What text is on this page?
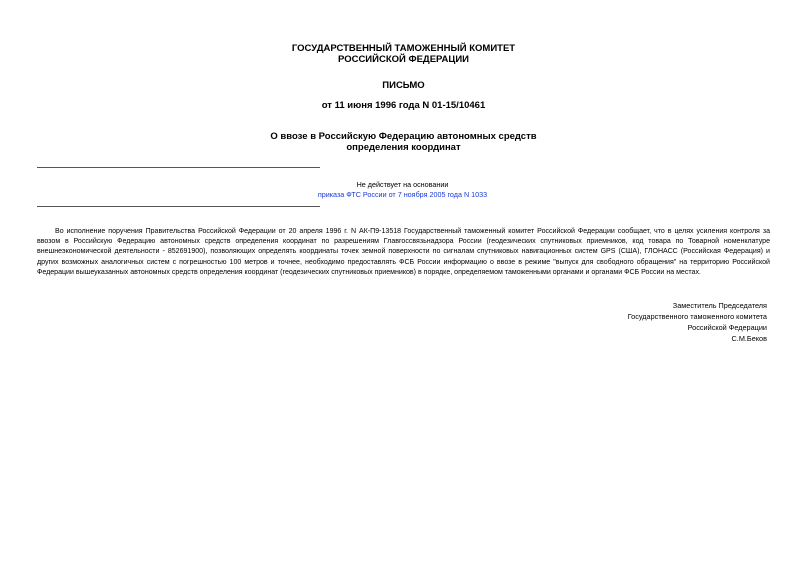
ГОСУДАРСТВЕННЫЙ ТАМОЖЕННЫЙ КОМИТЕТ
РОССИЙСКОЙ ФЕДЕРАЦИИ
ПИСЬМО
от 11 июня 1996 года N 01-15/10461
О ввозе в Российскую Федерацию автономных средств
определения координат
Не действует на основании
приказа ФТС России от 7 ноября 2005 года N 1033

Во исполнение поручения Правительства Российской Федерации от 20 апреля 1996 г. N АК-П9-13518 Государственный таможенный комитет Российской Федерации сообщает, что в целях усиления контроля за ввозом в Российскую Федерацию автономных средств определения координат по разрешениям Главгоссвязьнадзора России (геодезических спутниковых приемников, код товара по Товарной номенклатуре внешнеэкономической деятельности - 852691900), позволяющих определять координаты точек земной поверхности по сигналам спутниковых навигационных систем GPS (США), ГЛОНАСС (Российская Федерация) и других возможных аналогичных систем с погрешностью 100 метров и точнее, необходимо предоставлять ФСБ России информацию о ввозе в режиме "выпуск для свободного обращения" на территорию Российской Федерации вышеуказанных автономных средств определения координат (геодезических спутниковых приемников) в порядке, определяемом таможенными органами и органами ФСБ России на местах.

Заместитель Председателя
Государственного таможенного комитета
Российской Федерации
С.М.Беков
